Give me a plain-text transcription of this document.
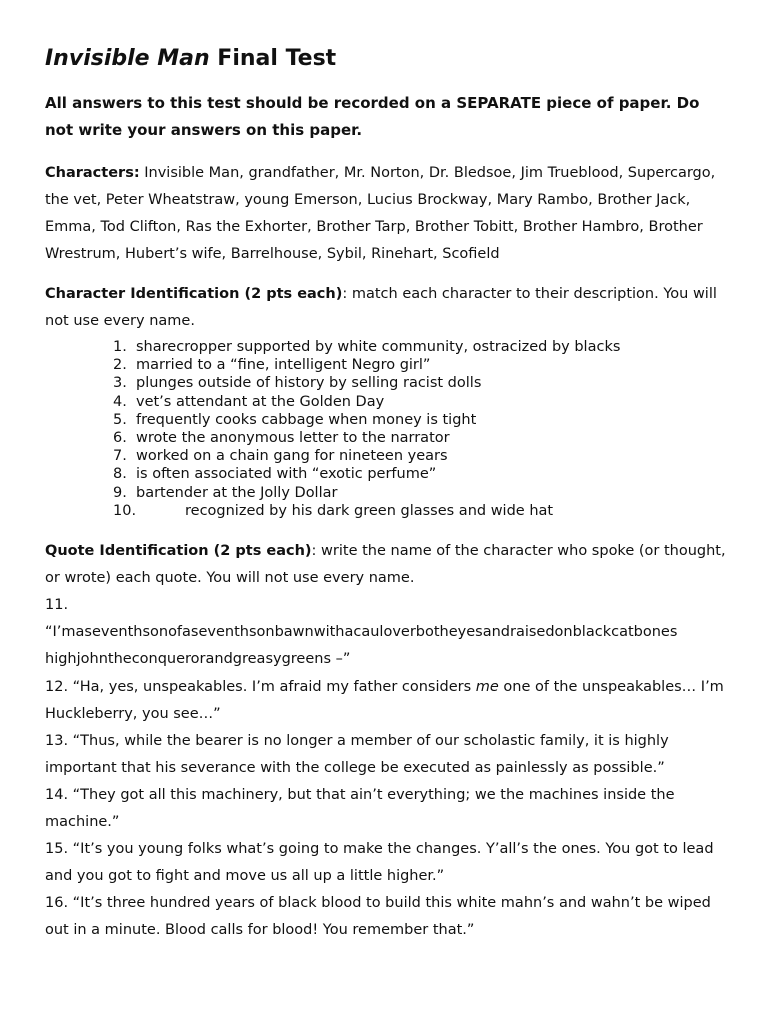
Invisible Man Final Test
All answers to this test should be recorded on a SEPARATE piece of paper. Do not write your answers on this paper.

Characters: Invisible Man, grandfather, Mr. Norton, Dr. Bledsoe, Jim Trueblood, Supercargo, the vet, Peter Wheatstraw, young Emerson, Lucius Brockway, Mary Rambo, Brother Jack, Emma, Tod Clifton, Ras the Exhorter, Brother Tarp, Brother Tobitt, Brother Hambro, Brother Wrestrum, Hubert’s wife, Barrelhouse, Sybil, Rinehart, Scofield

Character Identification (2 pts each): match each character to their description. You will not use every name.

1. sharecropper supported by white community, ostracized by blacks
2. married to a “fine, intelligent Negro girl”
3. plunges outside of history by selling racist dolls
4. vet’s attendant at the Golden Day
5. frequently cooks cabbage when money is tight
6. wrote the anonymous letter to the narrator
7. worked on a chain gang for nineteen years
8. is often associated with “exotic perfume”
9. bartender at the Jolly Dollar
10.	recognized by his dark green glasses and wide hat
Quote Identification (2 pts each): write the name of the character who spoke (or thought, or wrote) each quote. You will not use every name.
11.
“I’maseventhsonofaseventhsonbawnwithacauloverbotheyesandraisedonblackcatbones
highjohntheconquerorandgreasygreens –”
12. “Ha, yes, unspeakables. I’m afraid my father considers me one of the unspeakables… I’m Huckleberry, you see…”
13. “Thus, while the bearer is no longer a member of our scholastic family, it is highly important that his severance with the college be executed as painlessly as possible.”
14. “They got all this machinery, but that ain’t everything; we the machines inside the machine.”
15. “It’s you young folks what’s going to make the changes. Y’all’s the ones. You got to lead and you got to fight and move us all up a little higher.”
16. “It’s three hundred years of black blood to build this white mahn’s and wahn’t be wiped out in a minute. Blood calls for blood! You remember that.”
